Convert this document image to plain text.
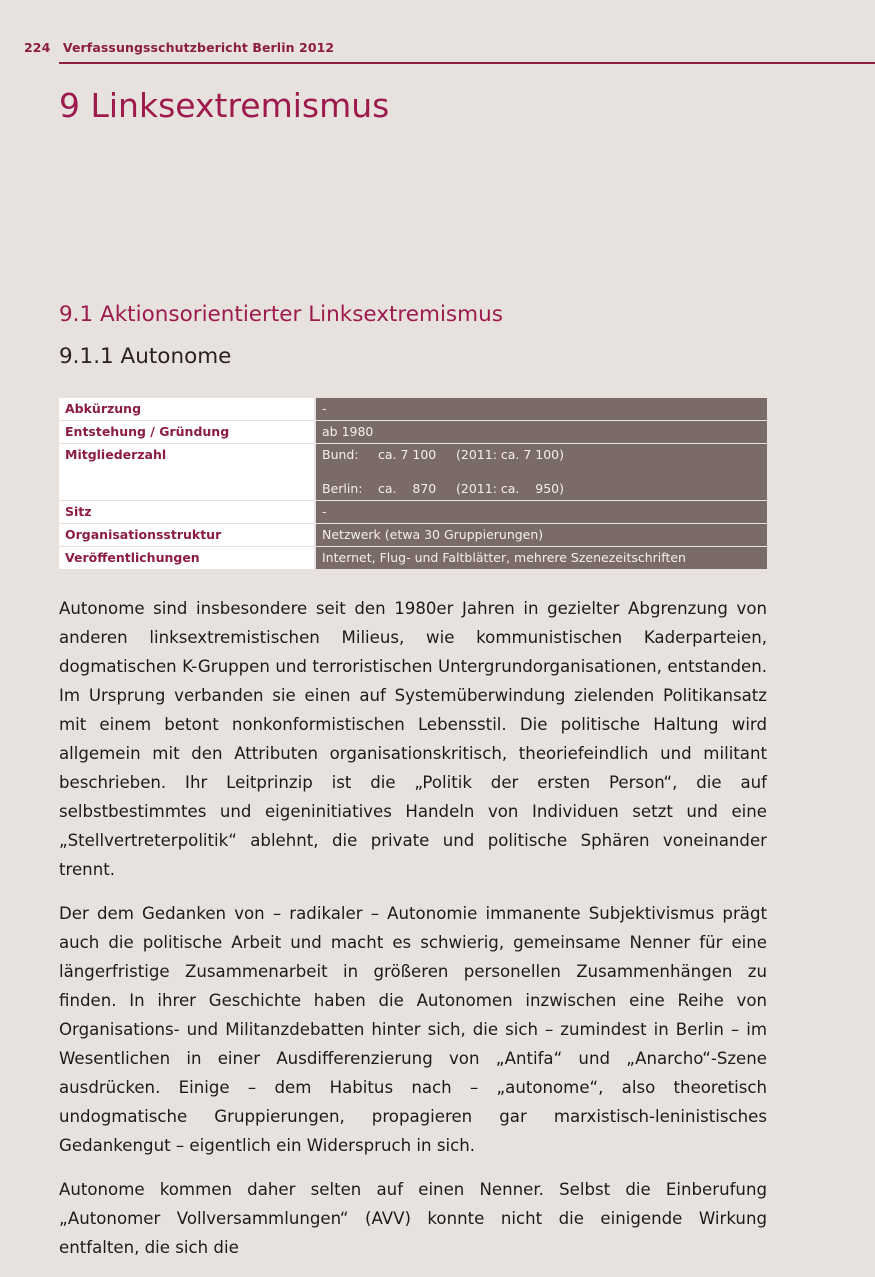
224 Verfassungsschutzbericht Berlin 2012
9 Linksextremismus
9.1 Aktionsorientierter Linksextremismus
9.1.1 Autonome
Abkürzung	-
Entstehung / Gründung	ab 1980
Mitgliederzahl	Bund:	ca. 7 100	(2011: ca. 7 100)
Berlin:	ca.    870	(2011: ca.    950)

Sitz	-
Organisationsstruktur	Netzwerk (etwa 30 Gruppierungen)
Veröffentlichungen	Internet, Flug- und Faltblätter, mehrere Szenezeitschriften

Autonome sind insbesondere seit den 1980er Jahren in gezielter Abgrenzung von anderen linksextremistischen Milieus, wie kommunistischen Kaderparteien, dogmatischen K-Gruppen und terroristischen Untergrundorganisationen, entstanden. Im Ursprung verbanden sie einen auf Systemüberwindung zielenden Politikansatz mit einem betont nonkonformistischen Lebensstil. Die politische Haltung wird allgemein mit den Attributen organisationskritisch, theoriefeindlich und militant beschrieben. Ihr Leitprinzip ist die „Politik der ersten Person“, die auf selbstbestimmtes und eigeninitiatives Handeln von Individuen setzt und eine „Stellvertreterpolitik“ ablehnt, die private und politische Sphären voneinander trennt.

Der dem Gedanken von – radikaler – Autonomie immanente Subjektivismus prägt auch die politische Arbeit und macht es schwierig, gemeinsame Nenner für eine längerfristige Zusammenarbeit in größeren personellen Zusammenhängen zu finden. In ihrer Geschichte haben die Autonomen inzwischen eine Reihe von Organisations- und Militanzdebatten hinter sich, die sich – zumindest in Berlin – im Wesentlichen in einer Ausdifferenzierung von „Antifa“ und „Anarcho“-Szene ausdrücken. Einige – dem Habitus nach – „autonome“, also theoretisch undogmatische Gruppierungen, propagieren gar marxistisch-leninistisches Gedankengut – eigentlich ein Widerspruch in sich.

Autonome kommen daher selten auf einen Nenner. Selbst die Einberufung „Autonomer Vollversammlungen“ (AVV) konnte nicht die einigende Wirkung entfalten, die sich die
